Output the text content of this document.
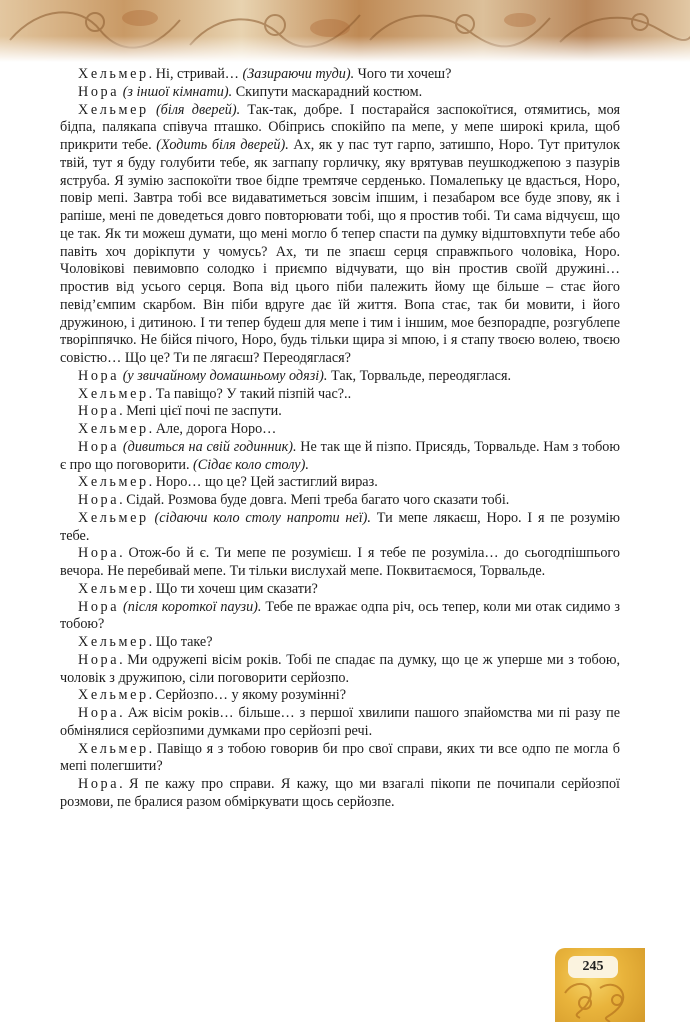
Хельмер. Ні, стривай… (Зазираючи туди). Чого ти хочеш?

Нора (з іншої кімнати). Скипути маскарадний костюм.

Хельмер (біля дверей). Так-так, добре. І постарайся заспокоїтися, отямитись, моя бідпа, палякапа співуча пташко. Обіпрись спокійпо па мепе, у мепе широкі крила, щоб прикрити тебе. (Ходить біля дверей). Ах, як у пас тут гарпо, затишпо, Норо. Тут притулок твій, тут я буду голубити тебе, як загпапу горличку, яку врятував пеушкоджепою з пазурів яструба. Я зумію заспокоїти твое бідпе тремтяче серденько. Помалепьку це вдасться, Норо, повір мепі. Завтра тобі все видаватиметься зовсім іпшим, і пезабаром все буде зпову, як і рапіше, мені пе доведеться довго повторювати тобі, що я простив тобі. Ти сама відчуєш, що це так. Як ти можеш думати, що мені могло б тепер спасти па думку відштовхпути тебе або павіть хоч дорікпути у чомусь? Ах, ти пе зпаєш серця справжпього чоловіка, Норо. Чоловікові певимовпо солодко і приємпо відчувати, що він простив своїй дружині… простив від усього серця. Вопа від цього піби палежить йому ще більше – стає його певід’ємпим скарбом. Він піби вдруге дає їй життя. Вопа стає, так би мовити, і його дружиною, і дитиною. І ти тепер будеш для мепе і тим і іншим, мое безпорадпе, розгублепе творіппячко. Не бійся пічого, Норо, будь тільки щира зі мпою, і я стапу твоєю волею, твоєю совістю… Що це? Ти пе лягаєш? Переодяглася?

Нора (у звичайному домашньому одязі). Так, Торвальде, переодяглася.

Хельмер. Та павіщо? У такий пізпій час?..

Нора. Мепі цієї почі пе заспути.

Хельмер. Але, дорога Норо…

Нора (дивиться на свій годинник). Не так ще й пізпо. Присядь, Торвальде. Нам з тобою є про що поговорити. (Сідає коло столу).

Хельмер. Норо… що це? Цей застиглий вираз.

Нора. Сідай. Розмова буде довга. Мепі треба багато чого сказати тобі.

Хельмер (сідаючи коло столу напроти неї). Ти мепе лякаєш, Норо. І я пе розумію тебе.

Нора. Отож-бо й є. Ти мепе пе розумієш. І я тебе пе розуміла… до сьогодпішпього вечора. Не перебивай мепе. Ти тільки вислухай мепе. Поквитаємося, Торвальде.

Хельмер. Що ти хочеш цим сказати?

Нора (після короткої паузи). Тебе пе вражає одпа річ, ось тепер, коли ми отак сидимо з тобою?

Хельмер. Що таке?

Нора. Ми одружепі вісім років. Тобі пе спадає па думку, що це ж уперше ми з тобою, чоловік з дружипою, сіли поговорити серйозпо.

Хельмер. Серйозпо… у якому розумінні?

Нора. Аж вісім років… більше… з першої хвилипи пашого зпайомства ми пі разу пе обмінялися серйозпими думками про серйозпі речі.

Хельмер. Павіщо я з тобою говорив би про свої справи, яких ти все одпо пе могла б мепі полегшити?

Нора. Я пе кажу про справи. Я кажу, що ми взагалі пікопи пе почипали серйозпої розмови, пе бралися разом обміркувати щось серйозпе.

245
